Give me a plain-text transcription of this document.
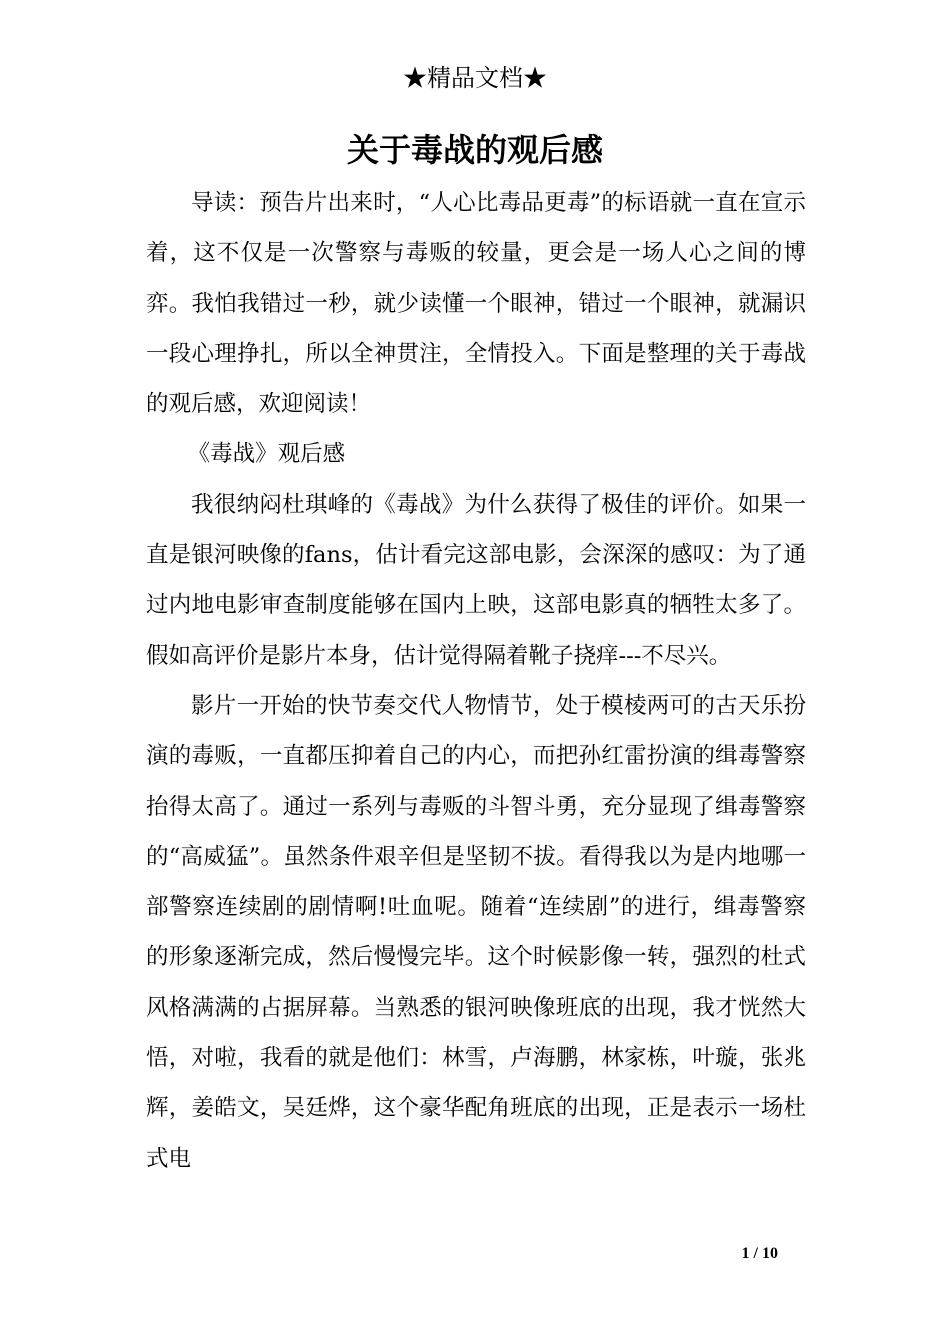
★精品文档★
关于毒战的观后感

导读：预告片出来时，“人心比毒品更毒”的标语就一直在宣示着，这不仅是一次警察与毒贩的较量，更会是一场人心之间的博弈。我怕我错过一秒，就少读懂一个眼神，错过一个眼神，就漏识一段心理挣扎，所以全神贯注，全情投入。下面是整理的关于毒战的观后感，欢迎阅读！

《毒战》观后感

我很纳闷杜琪峰的《毒战》为什么获得了极佳的评价。如果一直是银河映像的fans，估计看完这部电影，会深深的感叹：为了通过内地电影审查制度能够在国内上映，这部电影真的牺牲太多了。假如高评价是影片本身，估计觉得隔着靴子挠痒---不尽兴。

影片一开始的快节奏交代人物情节，处于模棱两可的古天乐扮演的毒贩，一直都压抑着自己的内心，而把孙红雷扮演的缉毒警察抬得太高了。通过一系列与毒贩的斗智斗勇，充分显现了缉毒警察的“高威猛”。虽然条件艰辛但是坚韧不拔。看得我以为是内地哪一部警察连续剧的剧情啊!吐血呢。随着“连续剧”的进行，缉毒警察的形象逐渐完成，然后慢慢完毕。这个时候影像一转，强烈的杜式风格满满的占据屏幕。当熟悉的银河映像班底的出现，我才恍然大悟，对啦，我看的就是他们：林雪，卢海鹏，林家栋，叶璇，张兆辉，姜皓文，吴廷烨，这个豪华配角班底的出现，正是表示一场杜式电

1 / 10
